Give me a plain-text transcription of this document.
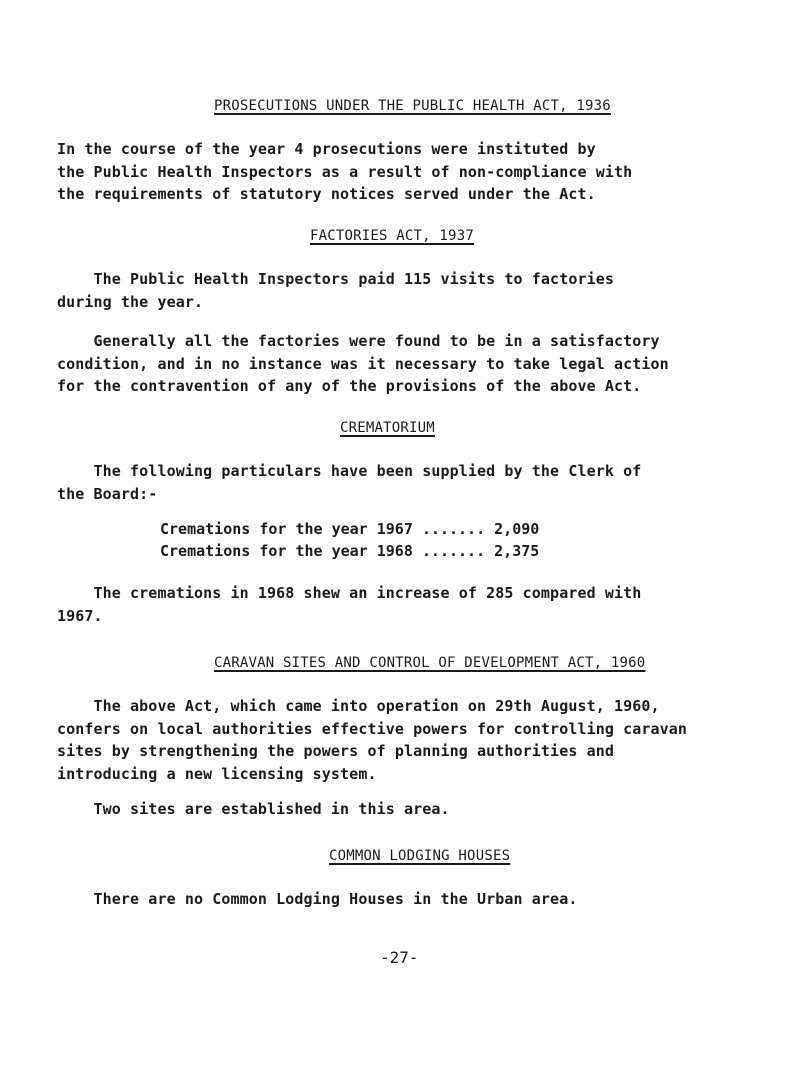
PROSECUTIONS UNDER THE PUBLIC HEALTH ACT, 1936
In the course of the year 4 prosecutions were instituted by
the Public Health Inspectors as a result of non-compliance with
the requirements of statutory notices served under the Act.
FACTORIES ACT, 1937
The Public Health Inspectors paid 115 visits to factories
during the year.
Generally all the factories were found to be in a satisfactory
condition, and in no instance was it necessary to take legal action
for the contravention of any of the provisions of the above Act.
CREMATORIUM
The following particulars have been supplied by the Clerk of
the Board:-
Cremations for the year 1967 ....... 2,090
Cremations for the year 1968 ....... 2,375
The cremations in 1968 shew an increase of 285 compared with
1967.
CARAVAN SITES AND CONTROL OF DEVELOPMENT ACT, 1960
The above Act, which came into operation on 29th August, 1960,
confers on local authorities effective powers for controlling caravan
sites by strengthening the powers of planning authorities and
introducing a new licensing system.
Two sites are established in this area.
COMMON LODGING HOUSES
There are no Common Lodging Houses in the Urban area.
-27-
